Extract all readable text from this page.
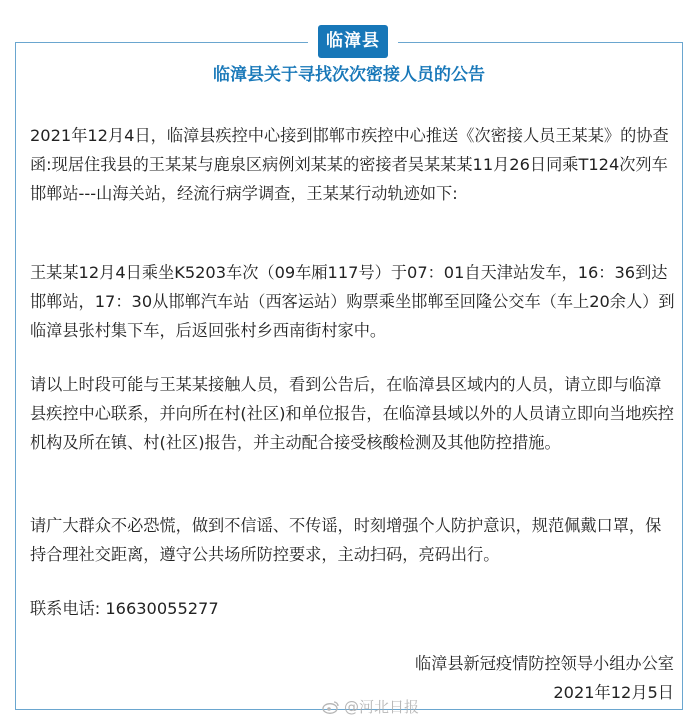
临漳县
临漳县关于寻找次次密接人员的公告

2021年12月4日，临漳县疾控中心接到邯郸市疾控中心推送《次密接人员王某某》的协查函:现居住我县的王某某与鹿泉区病例刘某某的密接者吴某某某11月26日同乘T124次列车邯郸站---山海关站，经流行病学调查，王某某行动轨迹如下:

王某某12月4日乘坐K5203车次（09车厢117号）于07：01自天津站发车，16：36到达邯郸站，17：30从邯郸汽车站（西客运站）购票乘坐邯郸至回隆公交车（车上20余人）到临漳县张村集下车，后返回张村乡西南街村家中。

请以上时段可能与王某某接触人员，看到公告后，在临漳县区域内的人员，请立即与临漳县疾控中心联系，并向所在村(社区)和单位报告，在临漳县域以外的人员请立即向当地疾控机构及所在镇、村(社区)报告，并主动配合接受核酸检测及其他防控措施。

请广大群众不必恐慌，做到不信谣、不传谣，时刻增强个人防护意识，规范佩戴口罩，保持合理社交距离，遵守公共场所防控要求，主动扫码，亮码出行。

联系电话: 16630055277

临漳县新冠疫情防控领导小组办公室
2021年12月5日
@河北日报
